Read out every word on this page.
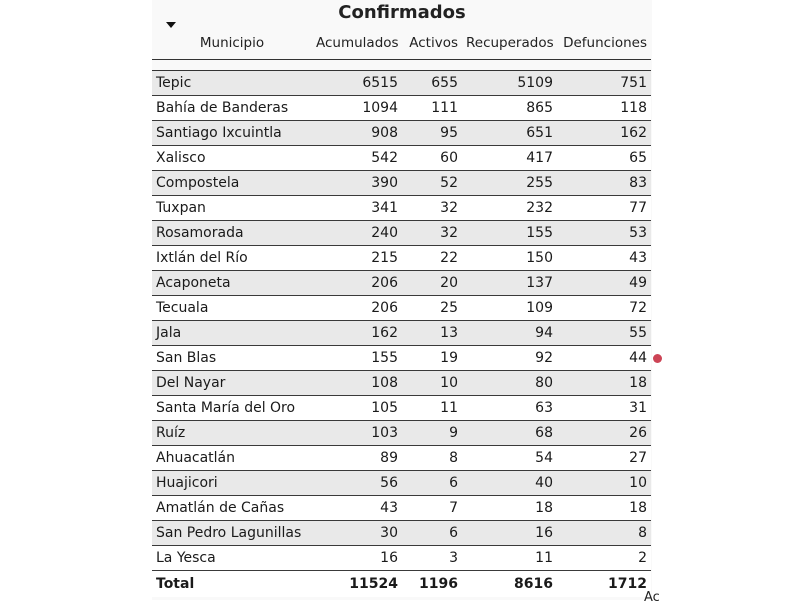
Confirmados
Municipio	Acumulados	Activos	Recuperados	Defunciones

Tepic	6515	655	5109	751
Bahía de Banderas	1094	111	865	118
Santiago Ixcuintla	908	95	651	162
Xalisco	542	60	417	65
Compostela	390	52	255	83
Tuxpan	341	32	232	77
Rosamorada	240	32	155	53
Ixtlán del Río	215	22	150	43
Acaponeta	206	20	137	49
Tecuala	206	25	109	72
Jala	162	13	94	55
San Blas	155	19	92	44
Del Nayar	108	10	80	18
Santa María del Oro	105	11	63	31
Ruíz	103	9	68	26
Ahuacatlán	89	8	54	27
Huajicori	56	6	40	10
Amatlán de Cañas	43	7	18	18
San Pedro Lagunillas	30	6	16	8
La Yesca	16	3	11	2
Total	11524	1196	8616	1712
Ac
